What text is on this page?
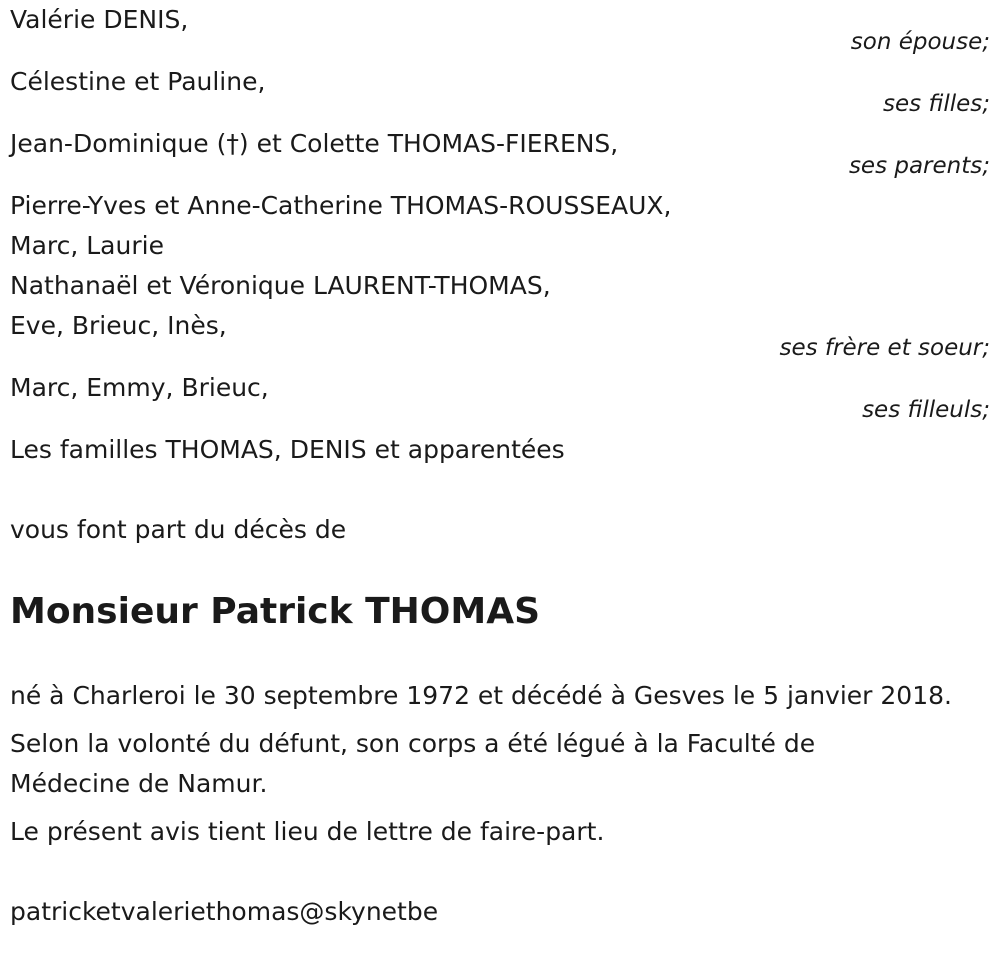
Valérie DENIS,
son épouse;
Célestine et Pauline,
ses filles;
Jean-Dominique (†) et Colette THOMAS-FIERENS,
ses parents;
Pierre-Yves et Anne-Catherine THOMAS-ROUSSEAUX,
Marc, Laurie
Nathanaël et Véronique LAURENT-THOMAS,
Eve, Brieuc, Inès,
ses frère et soeur;
Marc, Emmy, Brieuc,
ses filleuls;
Les familles THOMAS, DENIS et apparentées
vous font part du décès de
Monsieur Patrick THOMAS
né à Charleroi le 30 septembre 1972 et décédé à Gesves le 5 janvier 2018.
Selon la volonté du défunt, son corps a été légué à la Faculté de
Médecine de Namur.
Le présent avis tient lieu de lettre de faire-part.
patricketvaleriethomas@skynetbe
